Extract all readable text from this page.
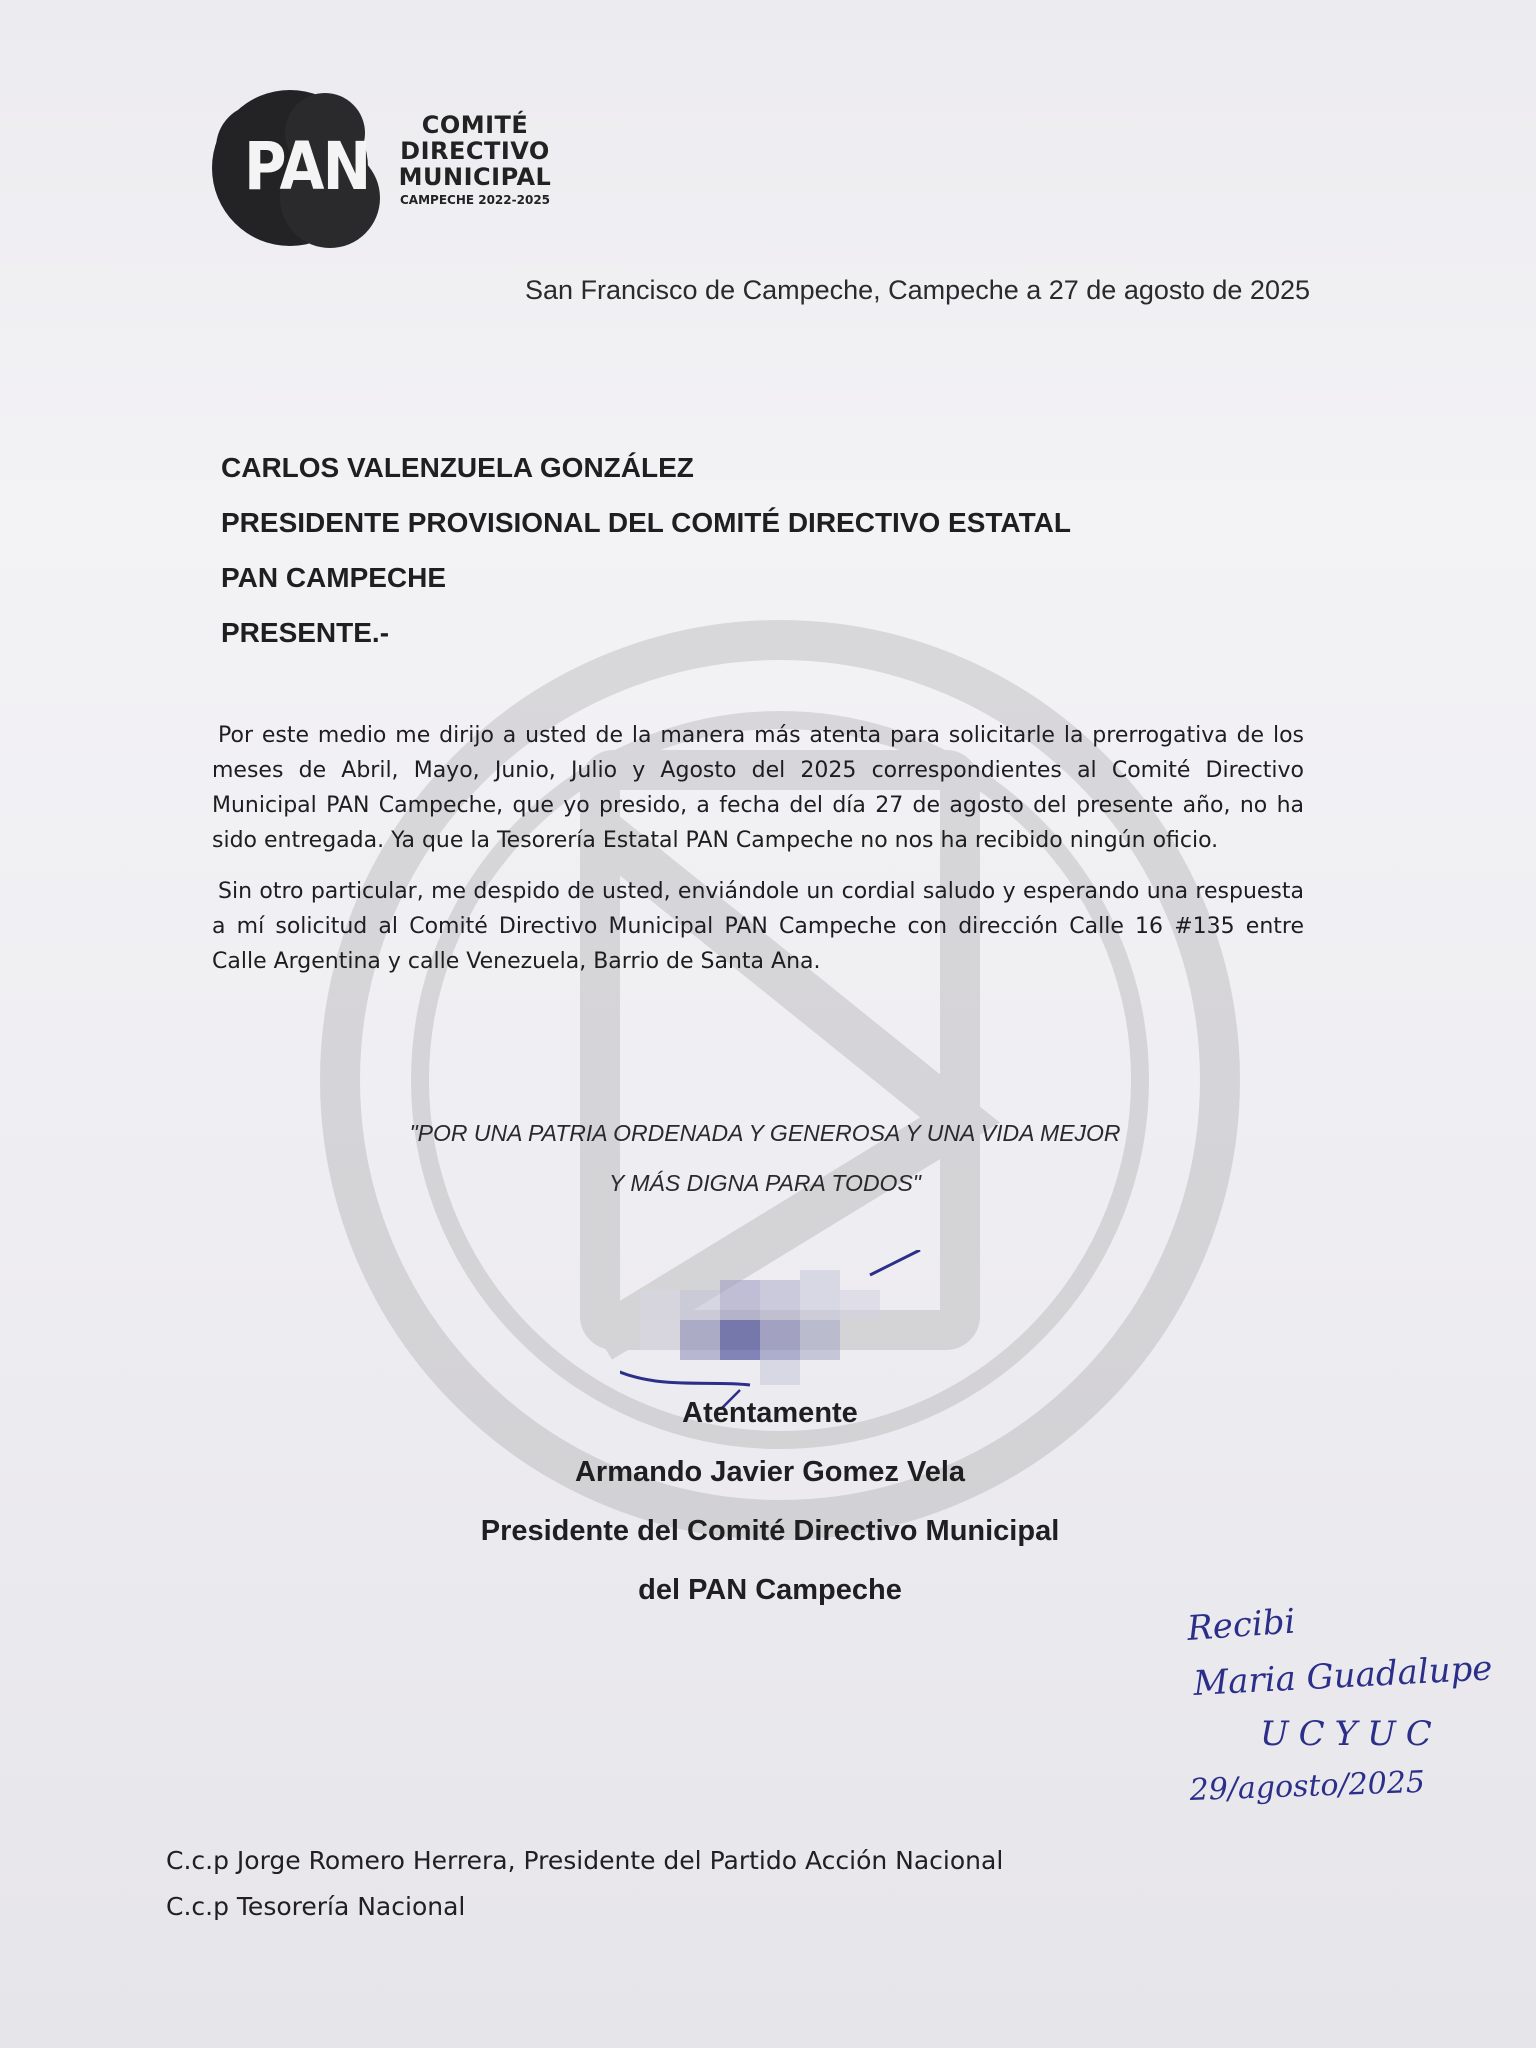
PAN
COMITÉ
DIRECTIVO
MUNICIPAL
CAMPECHE 2022-2025
San Francisco de Campeche, Campeche a 27 de agosto de 2025
CARLOS VALENZUELA GONZÁLEZ
PRESIDENTE PROVISIONAL DEL COMITÉ DIRECTIVO ESTATAL
PAN CAMPECHE
PRESENTE.-

Por este medio me dirijo a usted de la manera más atenta para solicitarle la prerrogativa de los meses de Abril, Mayo, Junio, Julio y Agosto del 2025 correspondientes al Comité Directivo Municipal PAN Campeche, que yo presido, a fecha del día 27 de agosto del presente año, no ha sido entregada. Ya que la Tesorería Estatal PAN Campeche no nos ha recibido ningún oficio.

Sin otro particular, me despido de usted, enviándole un cordial saludo y esperando una respuesta a mí solicitud al Comité Directivo Municipal PAN Campeche con dirección Calle 16 #135 entre Calle Argentina y calle Venezuela, Barrio de Santa Ana.

"POR UNA PATRIA ORDENADA Y GENEROSA Y UNA VIDA MEJOR
Y MÁS DIGNA PARA TODOS"
Atentamente
Armando Javier Gomez Vela
Presidente del Comité Directivo Municipal
del PAN Campeche
Recibi
Maria Guadalupe
UCYUC
29/agosto/2025
C.c.p Jorge Romero Herrera, Presidente del Partido Acción Nacional
C.c.p Tesorería Nacional
